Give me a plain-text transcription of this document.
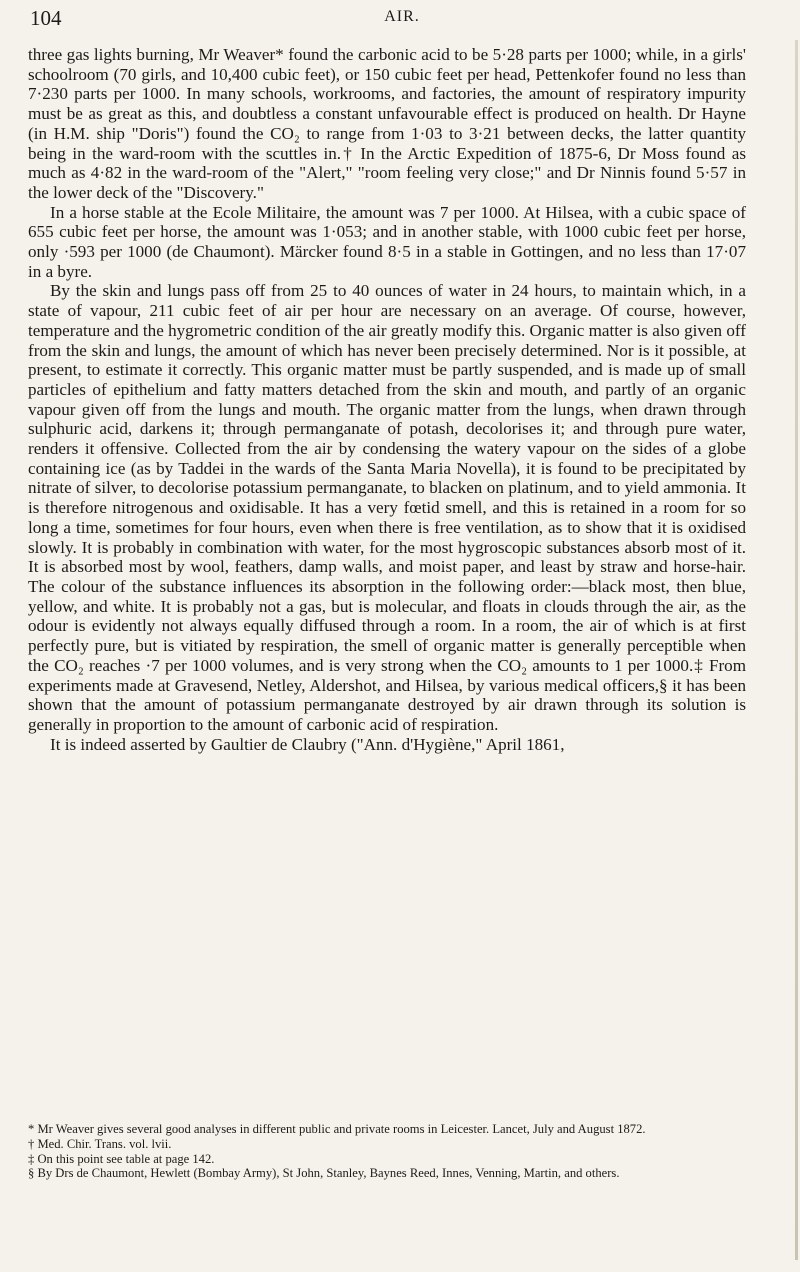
104	AIR.

three gas lights burning, Mr Weaver* found the carbonic acid to be 5·28 parts per 1000; while, in a girls' schoolroom (70 girls, and 10,400 cubic feet), or 150 cubic feet per head, Pettenkofer found no less than 7·230 parts per 1000. In many schools, workrooms, and factories, the amount of respiratory impurity must be as great as this, and doubtless a constant unfavourable effect is produced on health. Dr Hayne (in H.M. ship "Doris") found the CO₂ to range from 1·03 to 3·21 between decks, the latter quantity being in the ward-room with the scuttles in.† In the Arctic Expedition of 1875-6, Dr Moss found as much as 4·82 in the ward-room of the "Alert," "room feeling very close;" and Dr Ninnis found 5·57 in the lower deck of the "Discovery."

In a horse stable at the Ecole Militaire, the amount was 7 per 1000. At Hilsea, with a cubic space of 655 cubic feet per horse, the amount was 1·053; and in another stable, with 1000 cubic feet per horse, only ·593 per 1000 (de Chaumont). Märcker found 8·5 in a stable in Gottingen, and no less than 17·07 in a byre.

By the skin and lungs pass off from 25 to 40 ounces of water in 24 hours, to maintain which, in a state of vapour, 211 cubic feet of air per hour are necessary on an average. Of course, however, temperature and the hygrometric condition of the air greatly modify this. Organic matter is also given off from the skin and lungs, the amount of which has never been precisely determined. Nor is it possible, at present, to estimate it correctly. This organic matter must be partly suspended, and is made up of small particles of epithelium and fatty matters detached from the skin and mouth, and partly of an organic vapour given off from the lungs and mouth. The organic matter from the lungs, when drawn through sulphuric acid, darkens it; through permanganate of potash, decolorises it; and through pure water, renders it offensive. Collected from the air by condensing the watery vapour on the sides of a globe containing ice (as by Taddei in the wards of the Santa Maria Novella), it is found to be precipitated by nitrate of silver, to decolorise potassium permanganate, to blacken on platinum, and to yield ammonia. It is therefore nitrogenous and oxidisable. It has a very fœtid smell, and this is retained in a room for so long a time, sometimes for four hours, even when there is free ventilation, as to show that it is oxidised slowly. It is probably in combination with water, for the most hygroscopic substances absorb most of it. It is absorbed most by wool, feathers, damp walls, and moist paper, and least by straw and horse-hair. The colour of the substance influences its absorption in the following order:—black most, then blue, yellow, and white. It is probably not a gas, but is molecular, and floats in clouds through the air, as the odour is evidently not always equally diffused through a room. In a room, the air of which is at first perfectly pure, but is vitiated by respiration, the smell of organic matter is generally perceptible when the CO₂ reaches ·7 per 1000 volumes, and is very strong when the CO₂ amounts to 1 per 1000.‡ From experiments made at Gravesend, Netley, Aldershot, and Hilsea, by various medical officers,§ it has been shown that the amount of potassium permanganate destroyed by air drawn through its solution is generally in proportion to the amount of carbonic acid of respiration.

It is indeed asserted by Gaultier de Claubry ("Ann. d'Hygiène," April 1861,

* Mr Weaver gives several good analyses in different public and private rooms in Leicester. Lancet, July and August 1872.

† Med. Chir. Trans. vol. lvii.

‡ On this point see table at page 142.

§ By Drs de Chaumont, Hewlett (Bombay Army), St John, Stanley, Baynes Reed, Innes, Venning, Martin, and others.
